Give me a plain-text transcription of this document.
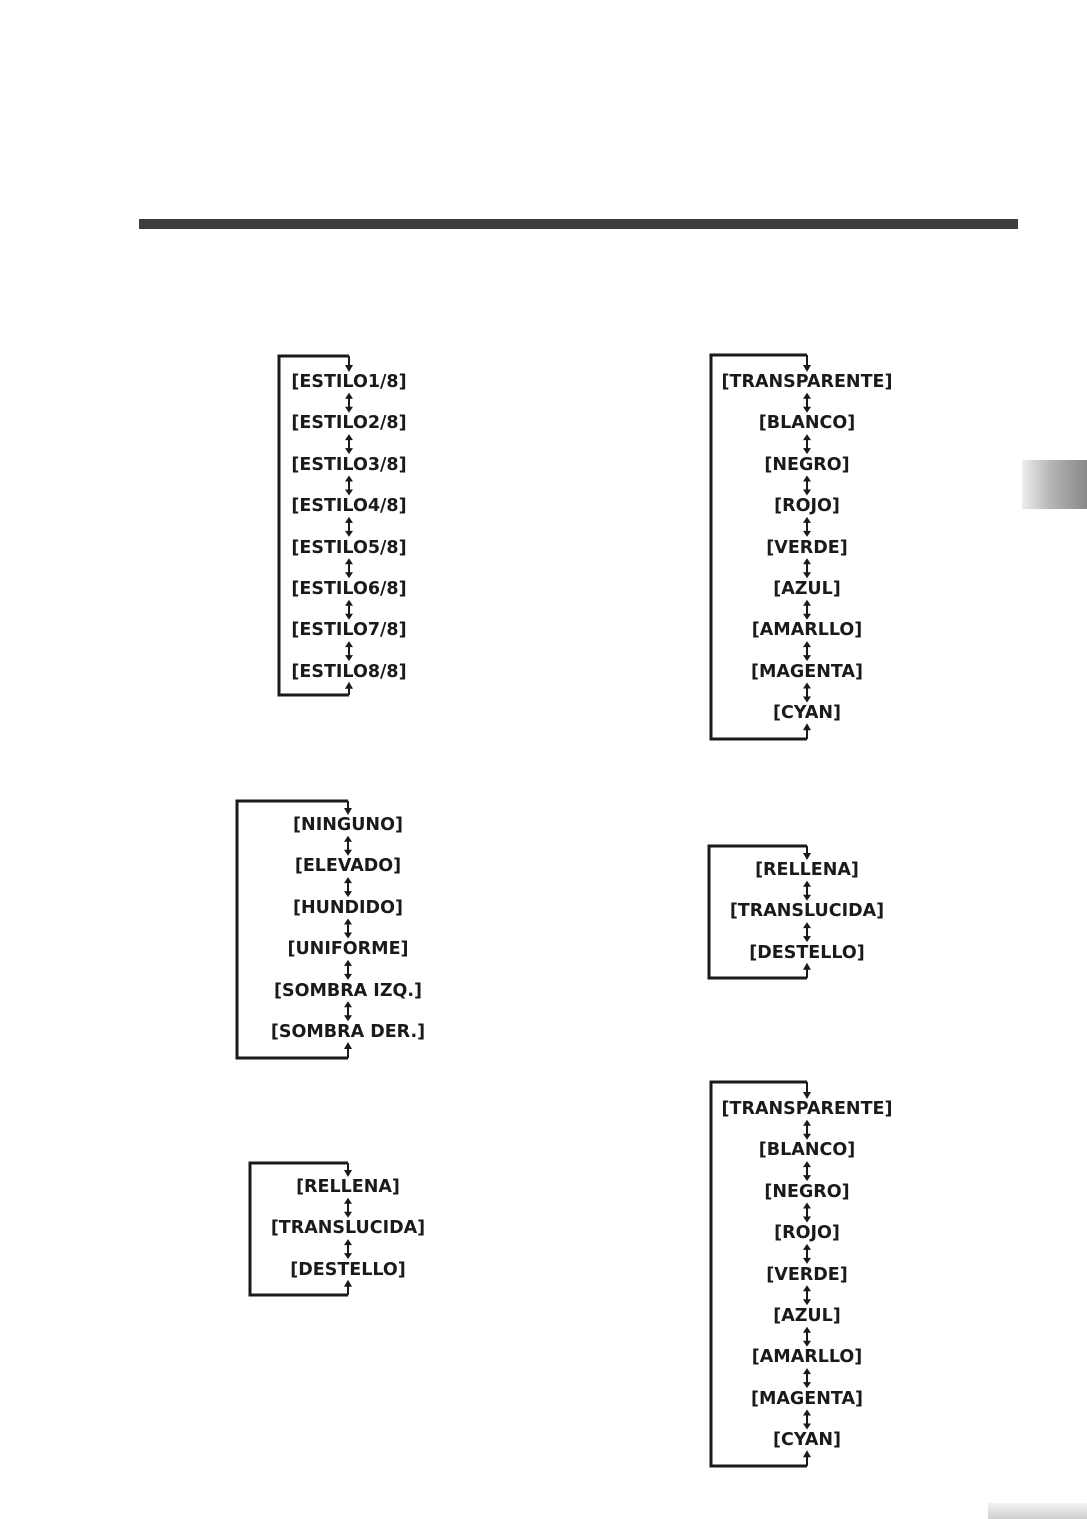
[ESTILO1/8]
[ESTILO2/8]
[ESTILO3/8]
[ESTILO4/8]
[ESTILO5/8]
[ESTILO6/8]
[ESTILO7/8]
[ESTILO8/8]
[TRANSPARENTE]
[BLANCO]
[NEGRO]
[ROJO]
[VERDE]
[AZUL]
[AMARLLO]
[MAGENTA]
[CYAN]
[NINGUNO]
[ELEVADO]
[HUNDIDO]
[UNIFORME]
[SOMBRA IZQ.]
[SOMBRA DER.]
[RELLENA]
[TRANSLUCIDA]
[DESTELLO]
[RELLENA]
[TRANSLUCIDA]
[DESTELLO]
[TRANSPARENTE]
[BLANCO]
[NEGRO]
[ROJO]
[VERDE]
[AZUL]
[AMARLLO]
[MAGENTA]
[CYAN]
